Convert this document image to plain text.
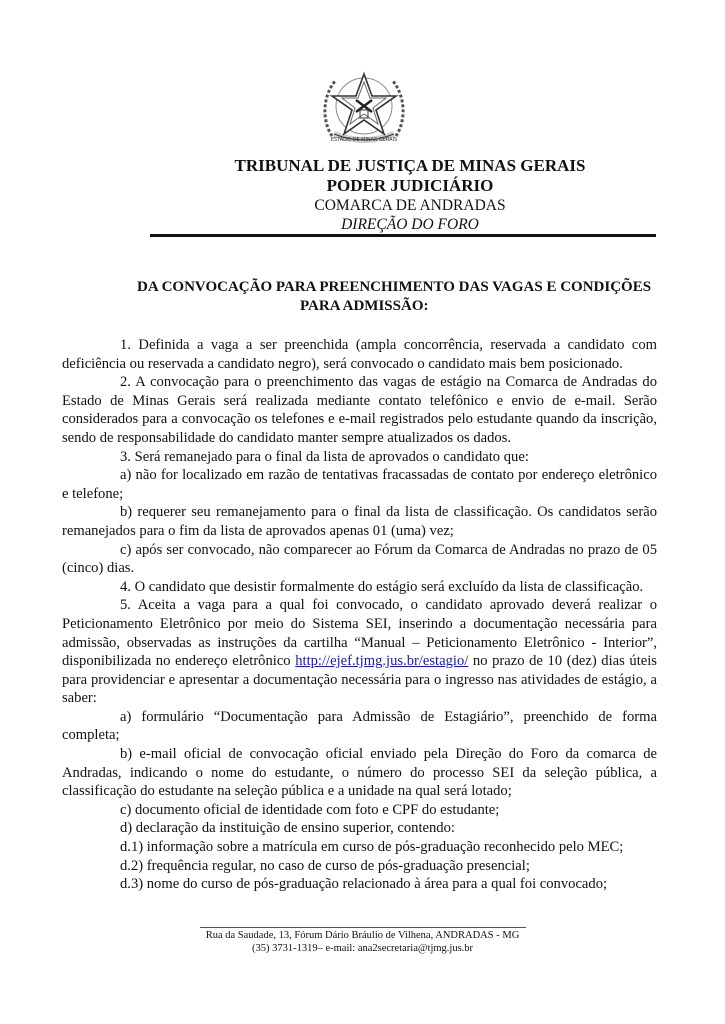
ESTADO DE MINAS GERAIS
TRIBUNAL DE JUSTIÇA DE MINAS GERAIS
PODER JUDICIÁRIO
COMARCA DE ANDRADAS
DIREÇÃO DO FORO
DA CONVOCAÇÃO PARA PREENCHIMENTO DAS VAGAS E CONDIÇÕES
PARA ADMISSÃO:

1. Definida a vaga a ser preenchida (ampla concorrência, reservada a candidato com deficiência ou reservada a candidato negro), será convocado o candidato mais bem posicionado.

2. A convocação para o preenchimento das vagas de estágio na Comarca de Andradas do Estado de Minas Gerais será realizada mediante contato telefônico e envio de e-mail. Serão considerados para a convocação os telefones e e-mail registrados pelo estudante quando da inscrição, sendo de responsabilidade do candidato manter sempre atualizados os dados.

3. Será remanejado para o final da lista de aprovados o candidato que:

a) não for localizado em razão de tentativas fracassadas de contato por endereço eletrônico e telefone;

b) requerer seu remanejamento para o final da lista de classificação. Os candidatos serão remanejados para o fim da lista de aprovados apenas 01 (uma) vez;

c) após ser convocado, não comparecer ao Fórum da Comarca de Andradas no prazo de 05 (cinco) dias.

4. O candidato que desistir formalmente do estágio será excluído da lista de classificação.

5. Aceita a vaga para a qual foi convocado, o candidato aprovado deverá realizar o Peticionamento Eletrônico por meio do Sistema SEI, inserindo a documentação necessária para admissão, observadas as instruções da cartilha “Manual – Peticionamento Eletrônico - Interior”, disponibilizada no endereço eletrônico http://ejef.tjmg.jus.br/estagio/ no prazo de 10 (dez) dias úteis para providenciar e apresentar a documentação necessária para o ingresso nas atividades de estágio, a saber:

a) formulário “Documentação para Admissão de Estagiário”, preenchido de forma completa;

b) e-mail oficial de convocação oficial enviado pela Direção do Foro da comarca de Andradas, indicando o nome do estudante, o número do processo SEI da seleção pública, a classificação do estudante na seleção pública e a unidade na qual será lotado;

c) documento oficial de identidade com foto e CPF do estudante;

d) declaração da instituição de ensino superior, contendo:

d.1) informação sobre a matrícula em curso de pós-graduação reconhecido pelo MEC;

d.2) frequência regular, no caso de curso de pós-graduação presencial;

d.3) nome do curso de pós-graduação relacionado à área para a qual foi convocado;

Rua da Saudade, 13, Fórum Dário Bráulio de Vilhena, ANDRADAS - MG
(35) 3731-1319– e-mail: ana2secretaria@tjmg.jus.br
